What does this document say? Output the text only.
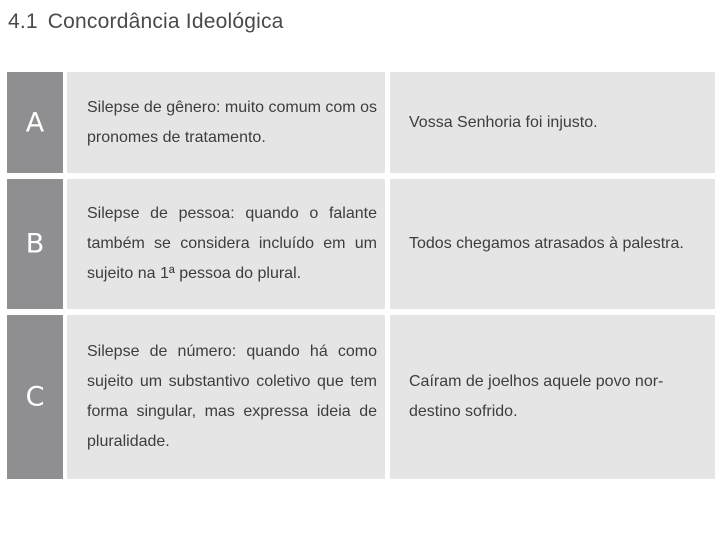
4.1 Concordância Ideológica
A	Silepse de gênero: muito comum com os pronomes de tratamento.
Vossa Senhoria foi injusto.
B
Silepse de pessoa: quando o falante também se considera incluído em um sujeito na 1ª pessoa do plural.
Todos chegamos atrasados à palestra.
C
Silepse de número: quando há como sujeito um substantivo coletivo que tem forma singular, mas expressa ideia de pluralidade.
Caíram de joelhos aquele povo nor-destino sofrido.
